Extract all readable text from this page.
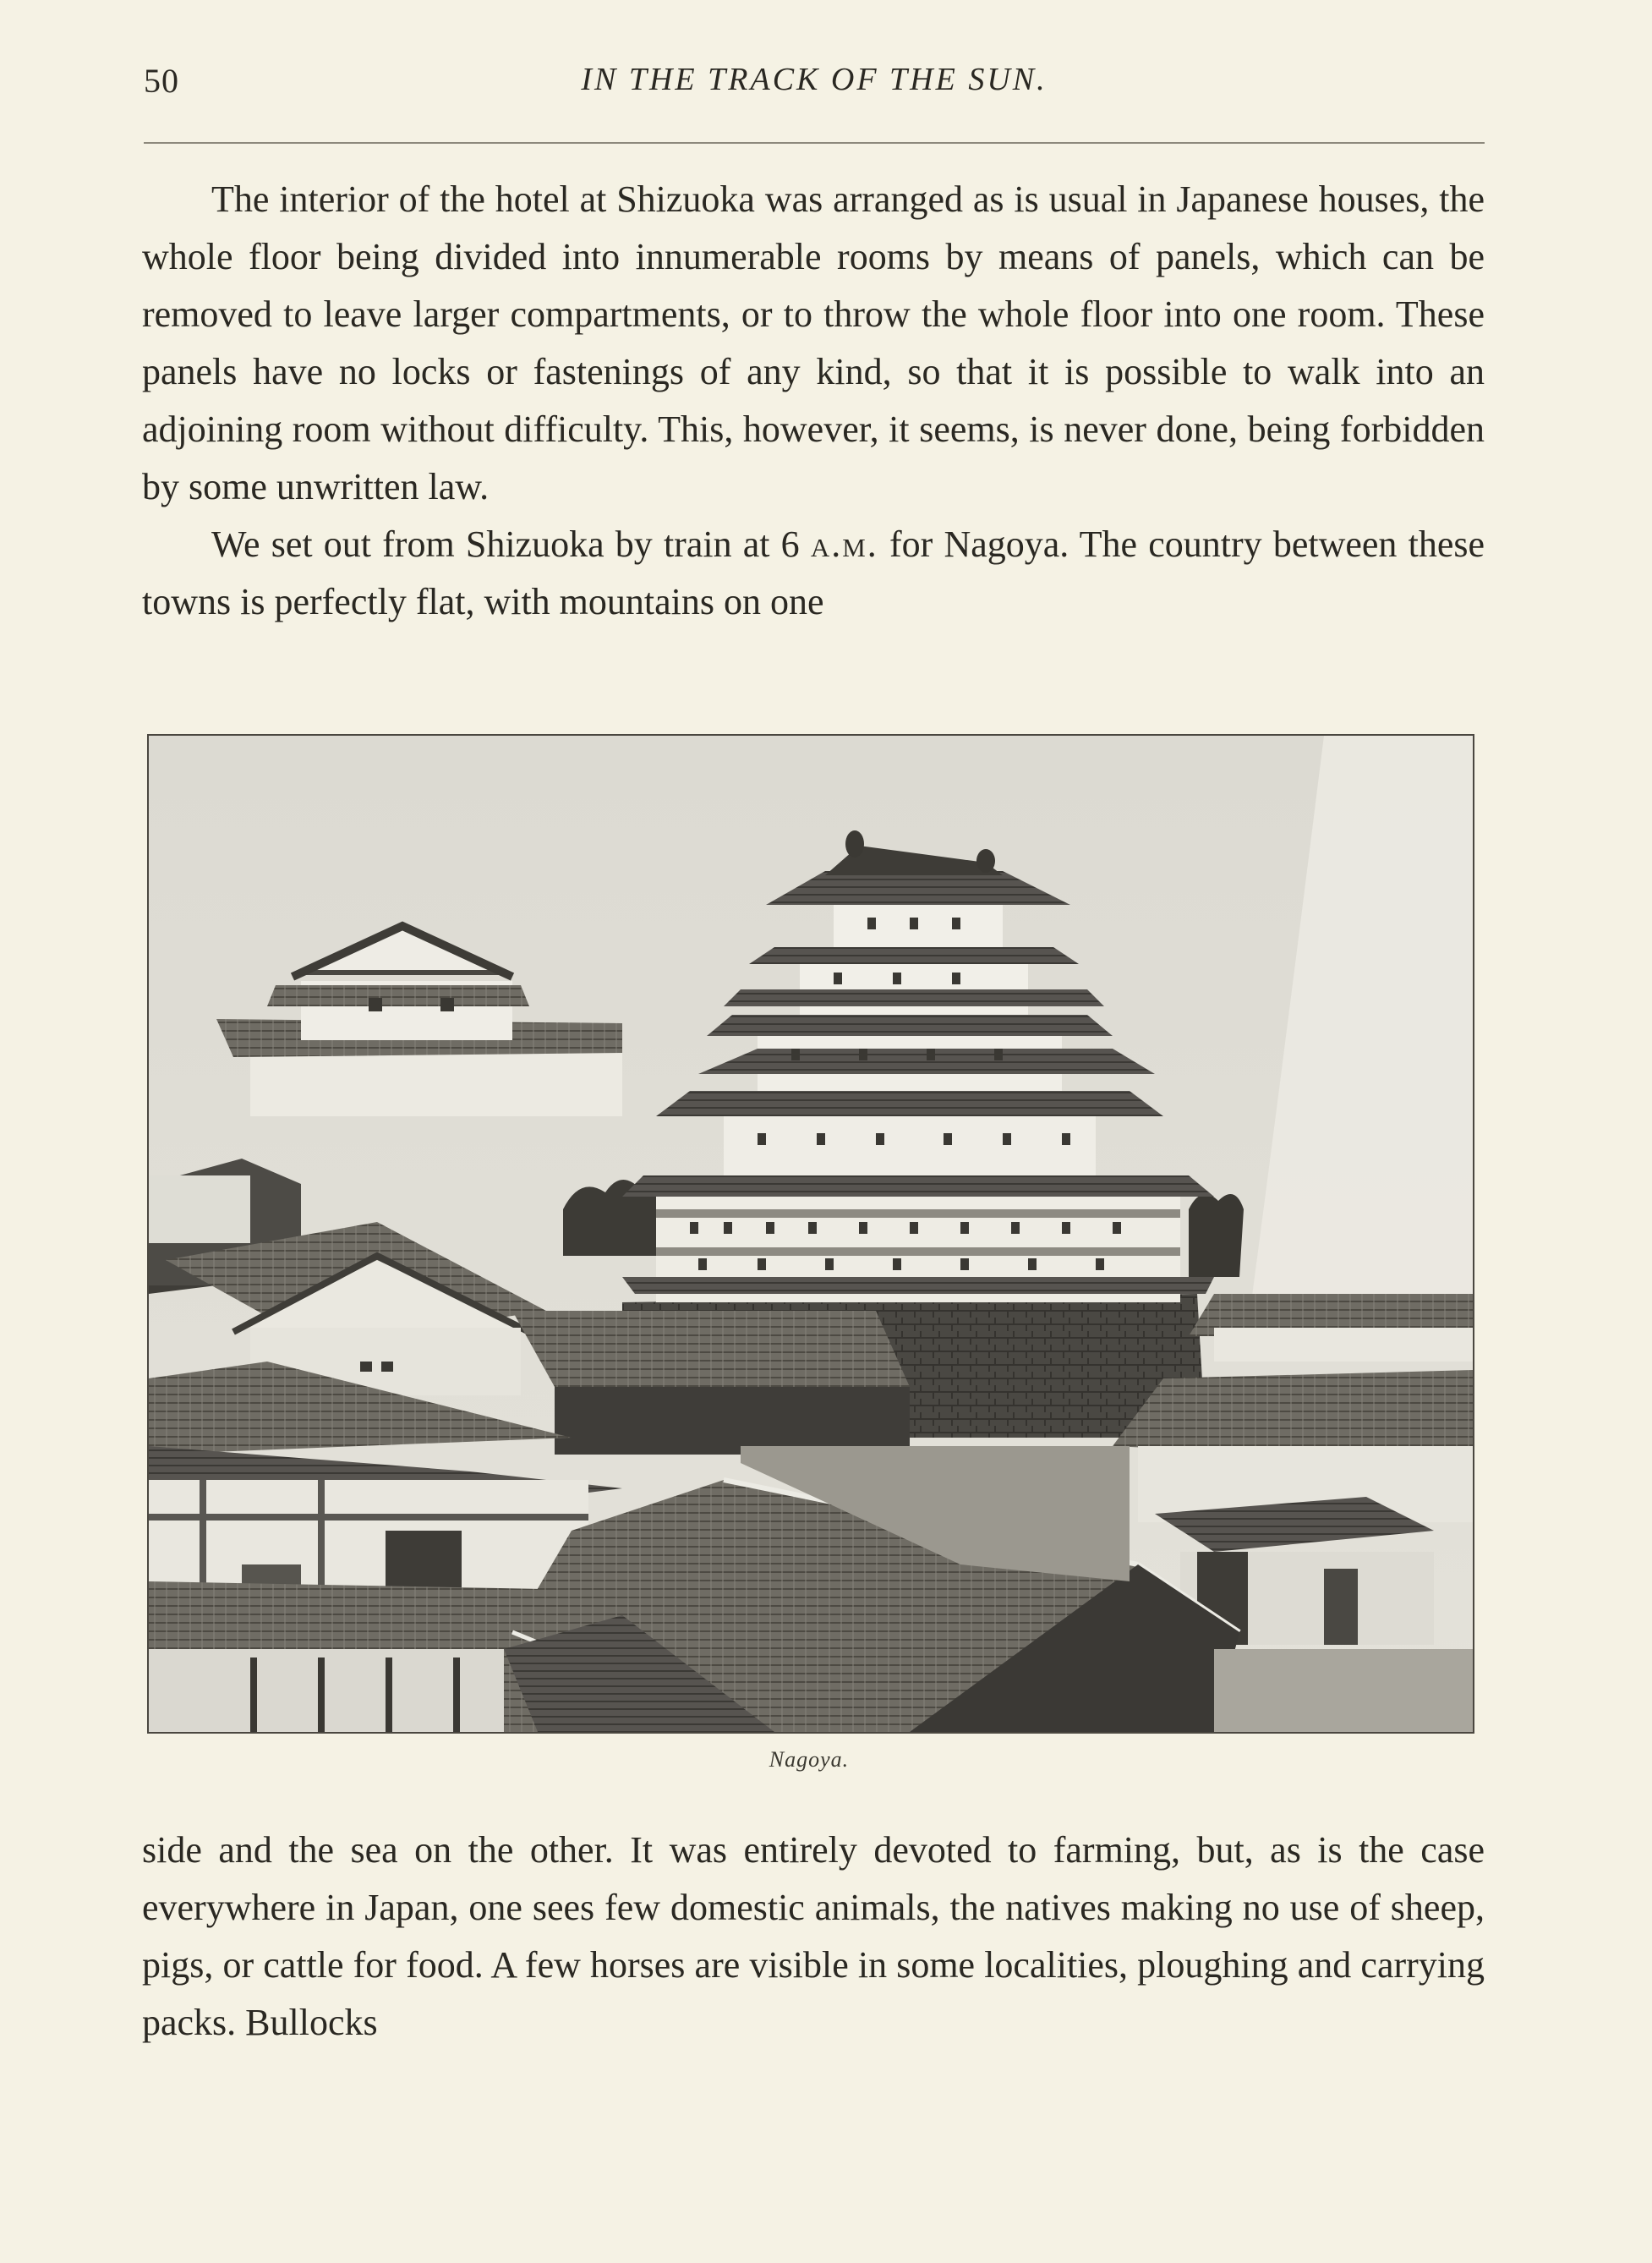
50	IN THE TRACK OF THE SUN.

The interior of the hotel at Shizuoka was arranged as is usual in Japanese houses, the whole floor being divided into innumerable rooms by means of panels, which can be removed to leave larger compartments, or to throw the whole floor into one room. These panels have no locks or fastenings of any kind, so that it is possible to walk into an adjoining room without difficulty. This, however, it seems, is never done, being forbidden by some unwritten law.

We set out from Shizuoka by train at 6 a.m. for Nagoya. The country between these towns is perfectly flat, with mountains on one

Nagoya.

side and the sea on the other. It was entirely devoted to farming, but, as is the case everywhere in Japan, one sees few domestic animals, the natives making no use of sheep, pigs, or cattle for food. A few horses are visible in some localities, ploughing and carrying packs. Bullocks
